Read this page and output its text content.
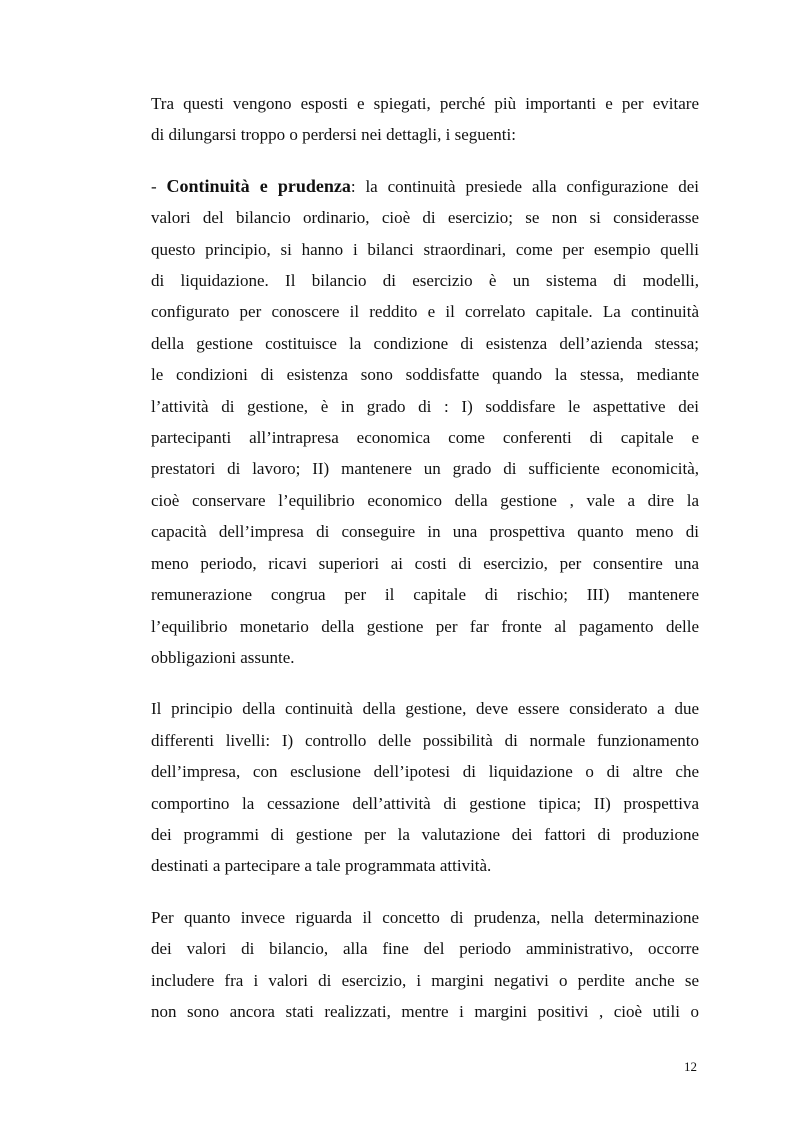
Tra questi vengono esposti e spiegati, perché più importanti e per evitare
di dilungarsi troppo o perdersi nei dettagli, i seguenti:

- Continuità e prudenza: la continuità presiede alla configurazione dei
valori del bilancio ordinario, cioè di esercizio; se non si considerasse
questo principio, si hanno i bilanci straordinari, come per esempio quelli
di liquidazione. Il bilancio di esercizio è un sistema di modelli,
configurato per conoscere il reddito e il correlato capitale. La continuità
della gestione costituisce la condizione di esistenza dell’azienda stessa;
le condizioni di esistenza sono soddisfatte quando la stessa, mediante
l’attività di gestione, è in grado di : I) soddisfare le aspettative dei
partecipanti all’intrapresa economica come conferenti di capitale e
prestatori di lavoro; II) mantenere un grado di sufficiente economicità,
cioè conservare l’equilibrio economico della gestione , vale a dire la
capacità dell’impresa di conseguire in una prospettiva quanto meno di
meno periodo, ricavi superiori ai costi di esercizio, per consentire una
remunerazione congrua per il capitale di rischio; III) mantenere
l’equilibrio monetario della gestione per far fronte al pagamento delle
obbligazioni assunte.

Il principio della continuità della gestione, deve essere considerato a due
differenti livelli: I) controllo delle possibilità di normale funzionamento
dell’impresa, con esclusione dell’ipotesi di liquidazione o di altre che
comportino la cessazione dell’attività di gestione tipica; II) prospettiva
dei programmi di gestione per la valutazione dei fattori di produzione
destinati a partecipare a tale programmata attività.

Per quanto invece riguarda il concetto di prudenza, nella determinazione
dei valori di bilancio, alla fine del periodo amministrativo, occorre
includere fra i valori di esercizio, i margini negativi o perdite anche se
non sono ancora stati realizzati, mentre i margini positivi , cioè utili o

12
